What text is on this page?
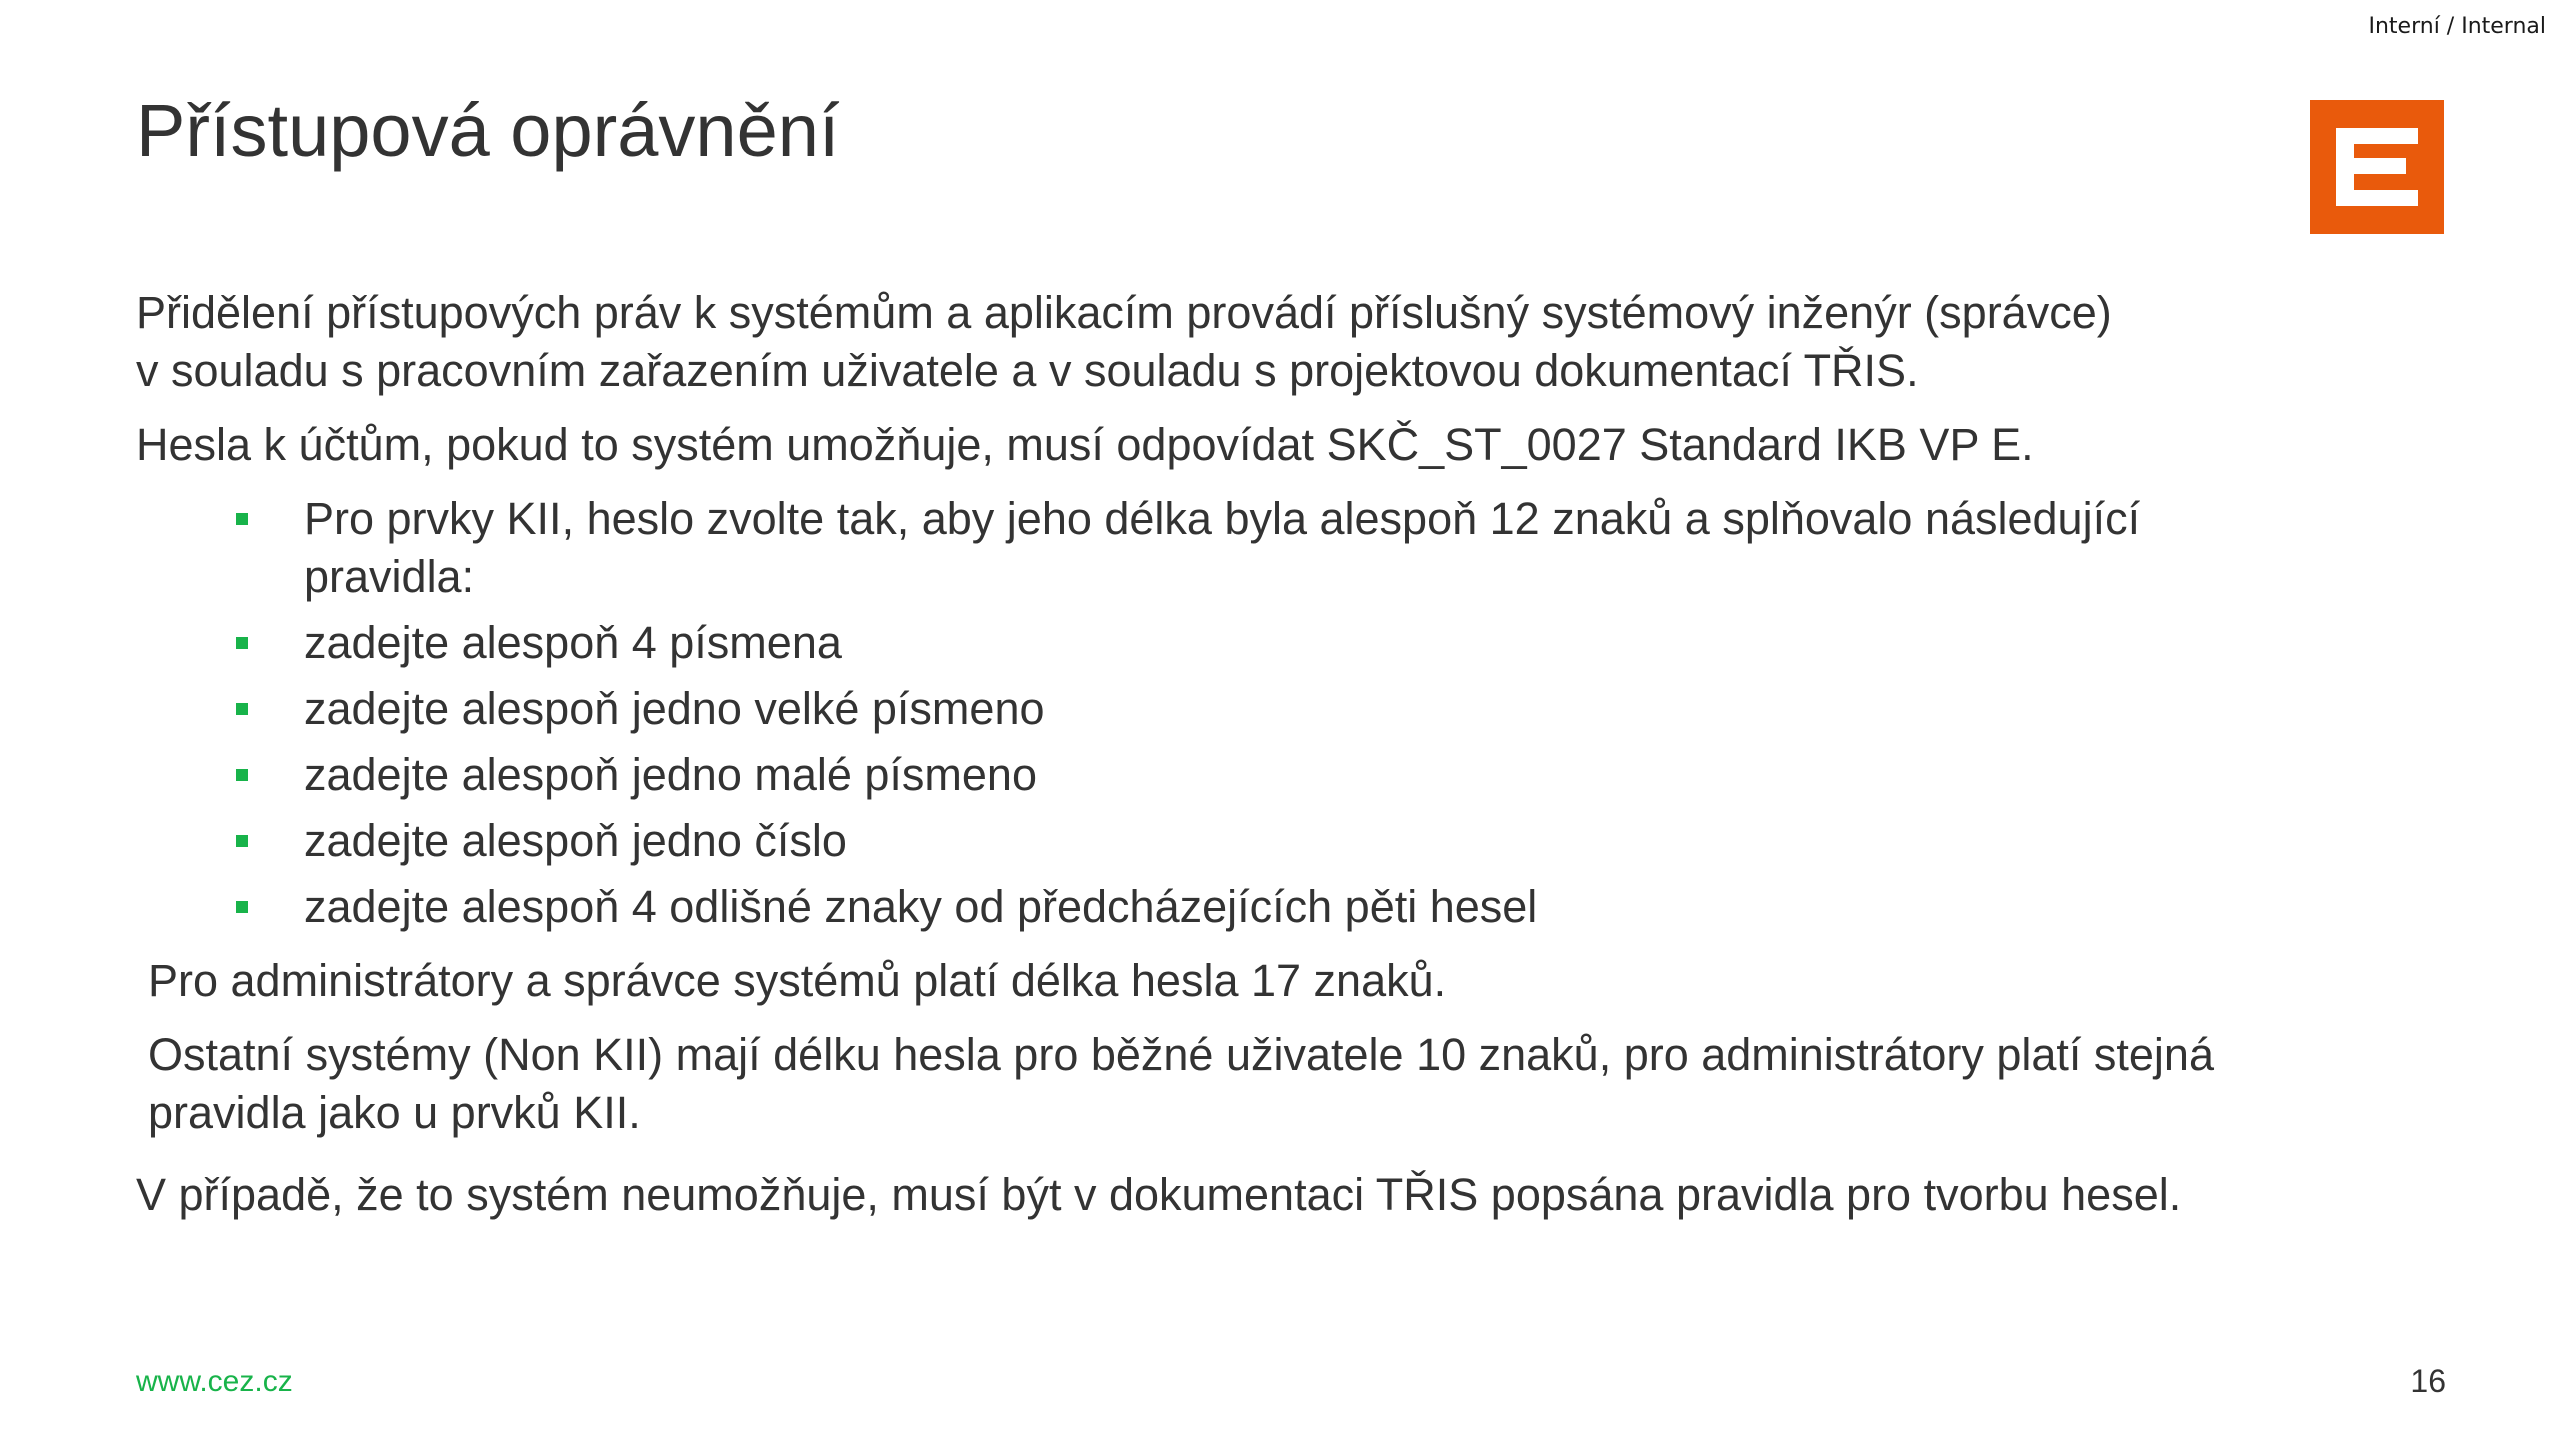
Interní / Internal
Přístupová oprávnění

Přidělení přístupových práv k systémům a aplikacím provádí příslušný systémový inženýr (správce)
v souladu s pracovním zařazením uživatele a v souladu s projektovou dokumentací TŘIS.

Hesla k účtům, pokud to systém umožňuje, musí odpovídat SKČ_ST_0027 Standard IKB VP E.

Pro prvky KII, heslo zvolte tak, aby jeho délka byla alespoň 12 znaků a splňovalo následující
pravidla:
zadejte alespoň 4 písmena
zadejte alespoň jedno velké písmeno
zadejte alespoň jedno malé písmeno
zadejte alespoň jedno číslo
zadejte alespoň 4 odlišné znaky od předcházejících pěti hesel

Pro administrátory a správce systémů platí délka hesla 17 znaků.

Ostatní systémy (Non KII) mají délku hesla pro běžné uživatele 10 znaků, pro administrátory platí stejná
pravidla jako u prvků KII.

V případě, že to systém neumožňuje, musí být v dokumentaci TŘIS popsána pravidla pro tvorbu hesel.

www.cez.cz	16
